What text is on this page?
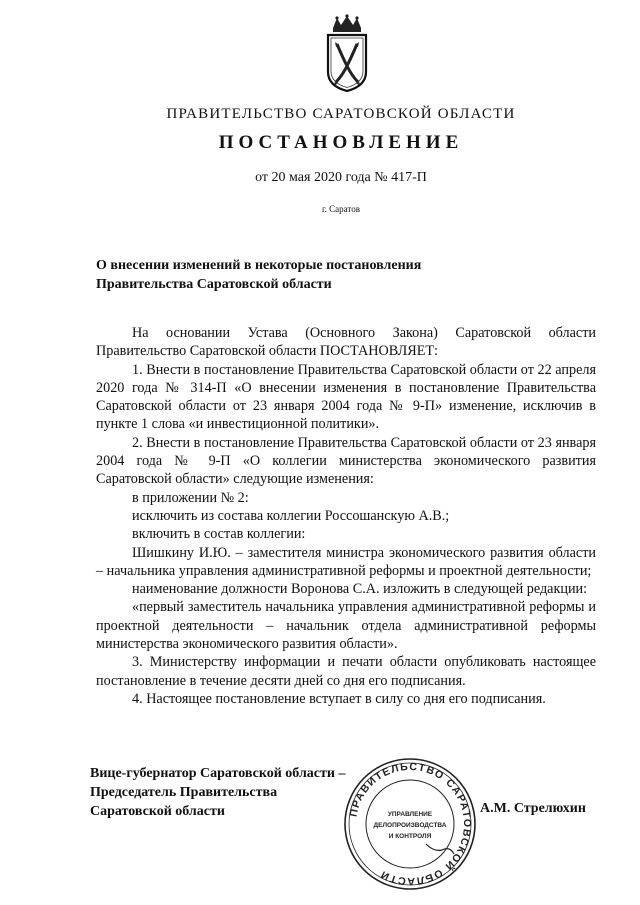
ПРАВИТЕЛЬСТВО САРАТОВСКОЙ ОБЛАСТИ
ПОСТАНОВЛЕНИЕ
от 20 мая 2020 года № 417-П
г. Саратов
О внесении изменений в некоторые постановления
Правительства Саратовской области

На основании Устава (Основного Закона) Саратовской области Правительство Саратовской области ПОСТАНОВЛЯЕТ:

1. Внести в постановление Правительства Саратовской области от 22 апреля 2020 года № 314-П «О внесении изменения в постановление Правительства Саратовской области от 23 января 2004 года № 9-П» изменение, исключив в пункте 1 слова «и инвестиционной политики».

2. Внести в постановление Правительства Саратовской области от 23 января 2004 года № 9-П «О коллегии министерства экономического развития Саратовской области» следующие изменения:

в приложении № 2:

исключить из состава коллегии Россошанскую А.В.;

включить в состав коллегии:

Шишкину И.Ю. – заместителя министра экономического развития области – начальника управления административной реформы и проектной деятельности;

наименование должности Воронова С.А. изложить в следующей редакции:

«первый заместитель начальника управления административной реформы и проектной деятельности – начальник отдела административной реформы министерства экономического развития области».

3. Министерству информации и печати области опубликовать настоящее постановление в течение десяти дней со дня его подписания.

4. Настоящее постановление вступает в силу со дня его подписания.

Вице-губернатор Саратовской области –
Председатель Правительства
Саратовской области	ПРАВИТЕЛЬСТВО САРАТОВСКОЙ ОБЛАСТИ
УПРАВЛЕНИЕ
ДЕЛОПРОИЗВОДСТВА
И КОНТРОЛЯ
А.М. Стрелюхин
